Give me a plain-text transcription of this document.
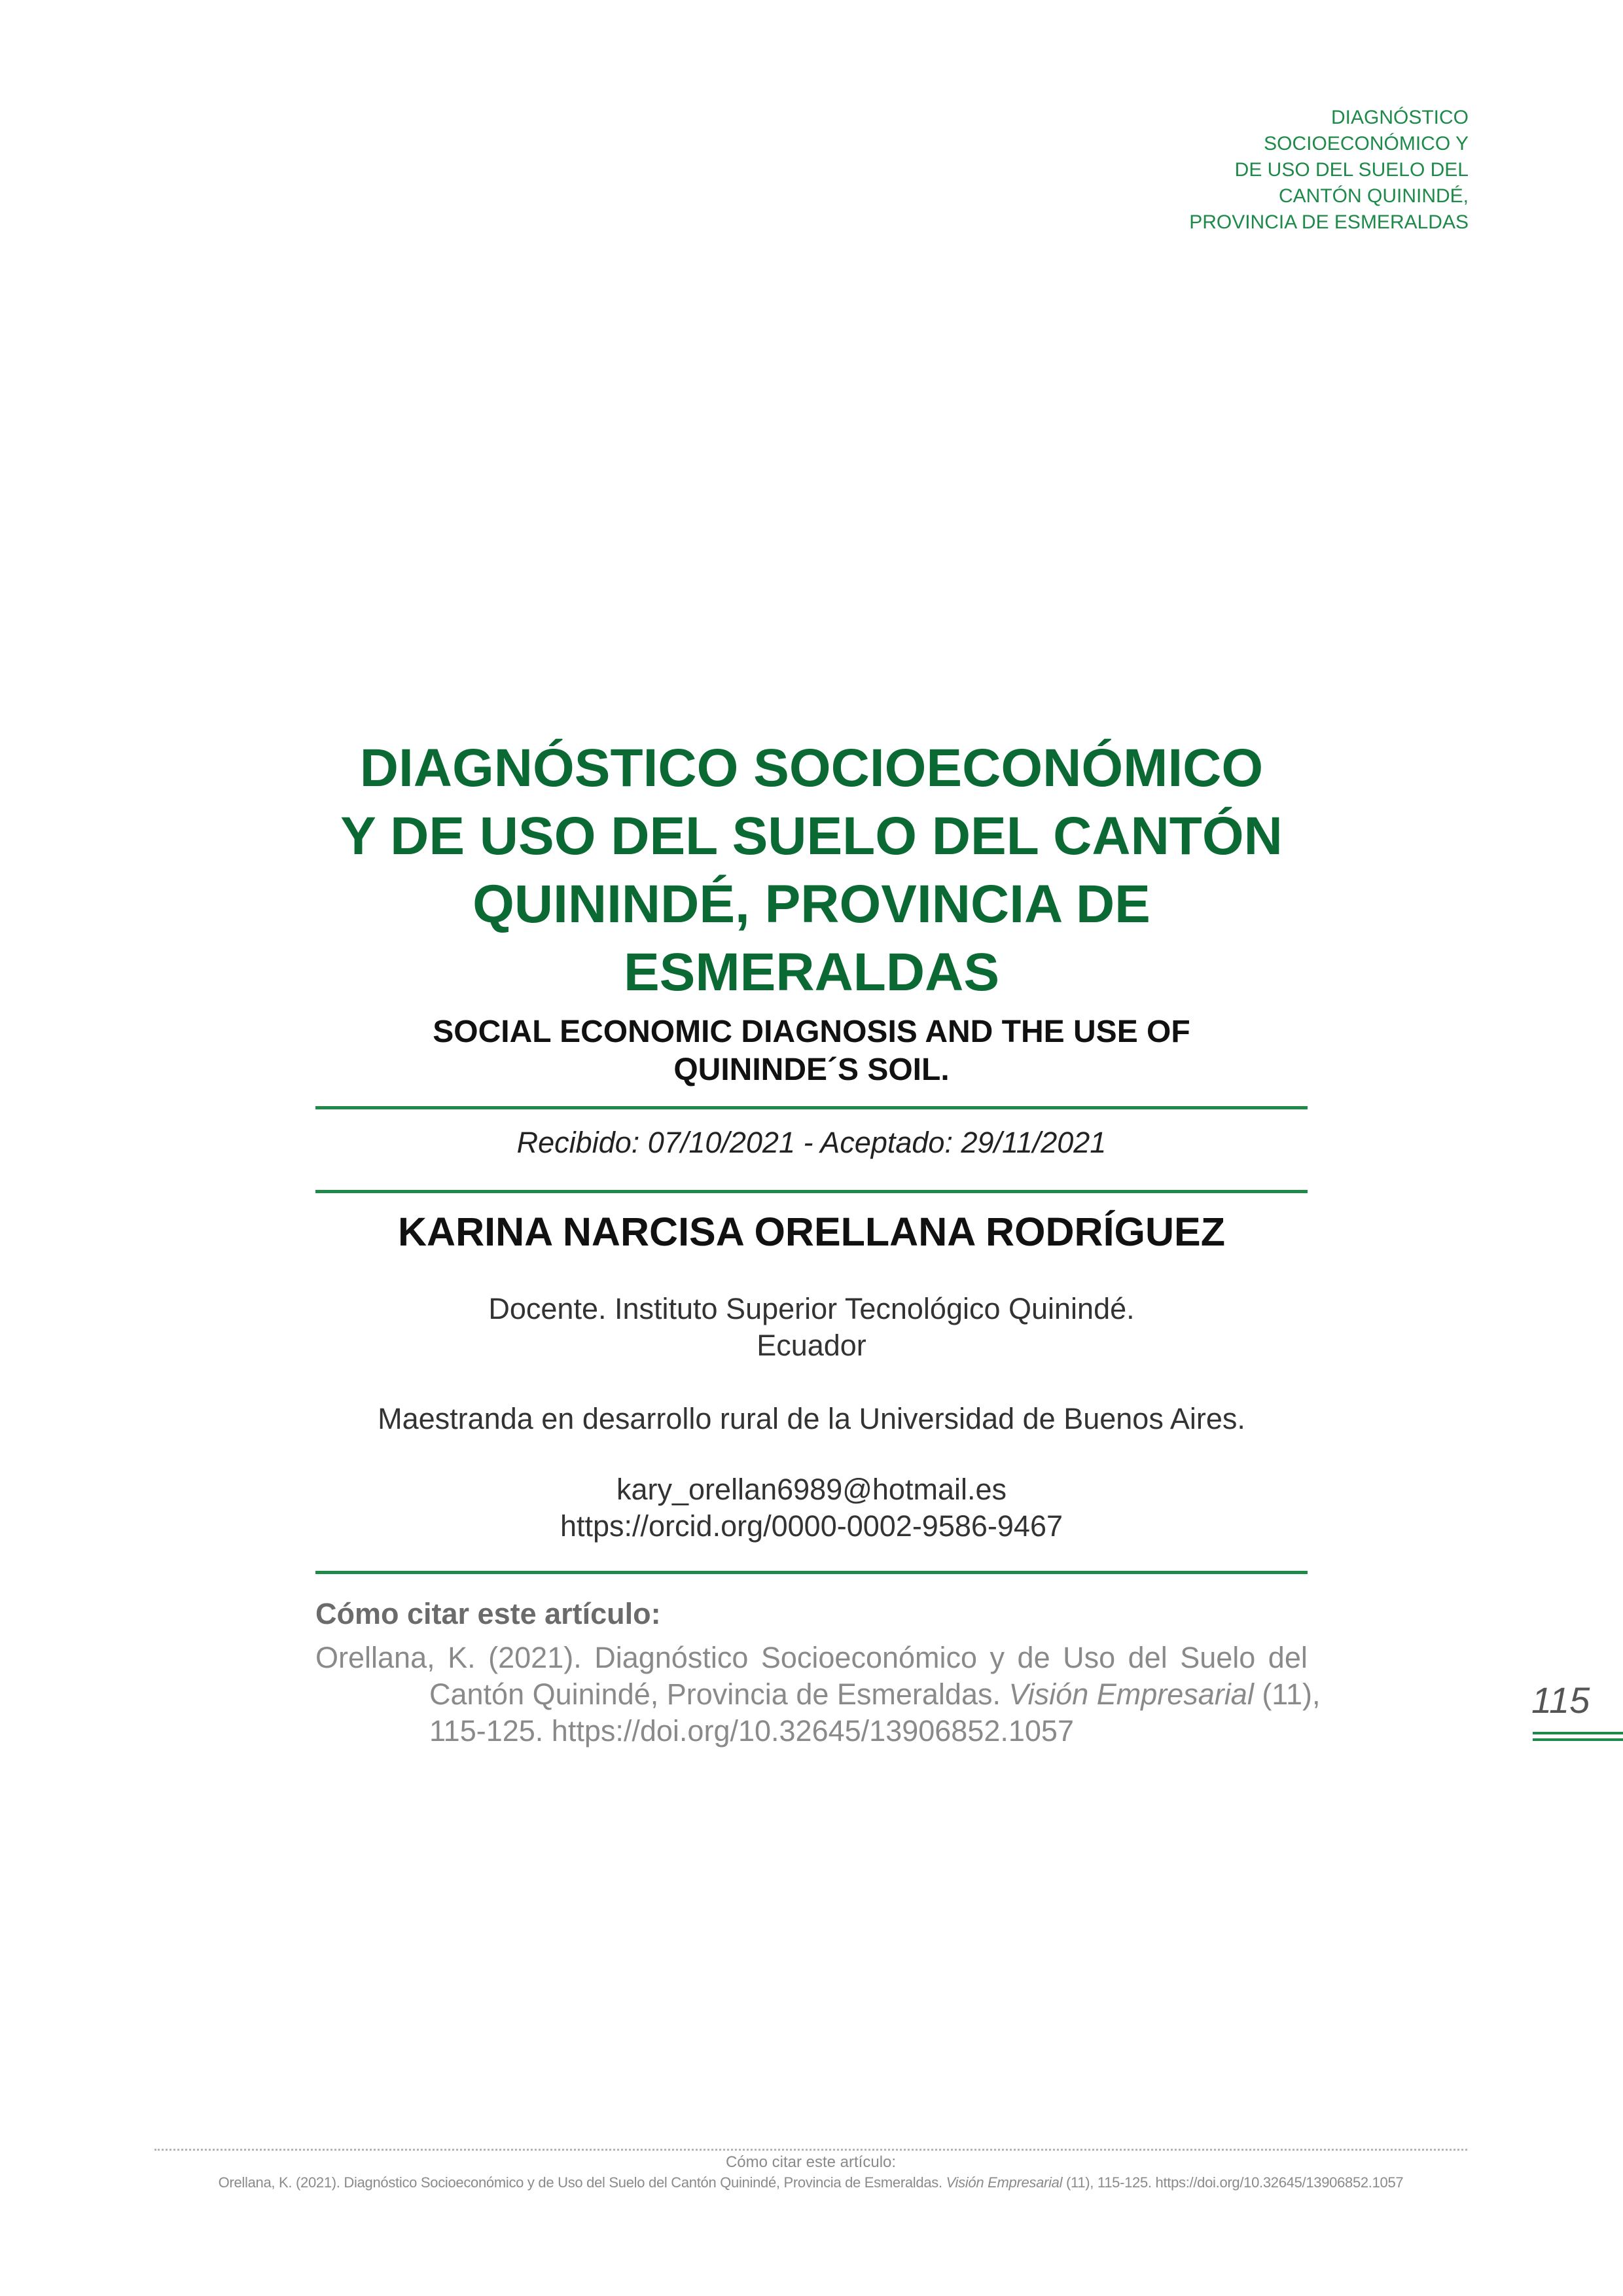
DIAGNÓSTICO
SOCIOECONÓMICO Y
DE USO DEL SUELO DEL
CANTÓN QUININDÉ,
PROVINCIA DE ESMERALDAS
DIAGNÓSTICO SOCIOECONÓMICO
Y DE USO DEL SUELO DEL CANTÓN
QUININDÉ, PROVINCIA DE
ESMERALDAS
SOCIAL ECONOMIC DIAGNOSIS AND THE USE OF
QUININDE´S SOIL.
Recibido: 07/10/2021 - Aceptado: 29/11/2021
KARINA NARCISA ORELLANA RODRÍGUEZ
Docente. Instituto Superior Tecnológico Quinindé.
Ecuador
Maestranda en desarrollo rural de la Universidad de Buenos Aires.
kary_orellan6989@hotmail.es
https://orcid.org/0000-0002-9586-9467
Cómo citar este artículo:
Orellana, K. (2021). Diagnóstico Socioeconómico y de Uso del Suelo del
Cantón Quinindé, Provincia de Esmeraldas. Visión Empresarial (11),
115-125. https://doi.org/10.32645/13906852.1057
115
Cómo citar este artículo:
Orellana, K. (2021). Diagnóstico Socioeconómico y de Uso del Suelo del Cantón Quinindé, Provincia de Esmeraldas. Visión Empresarial (11), 115-125. https://doi.org/10.32645/13906852.1057
